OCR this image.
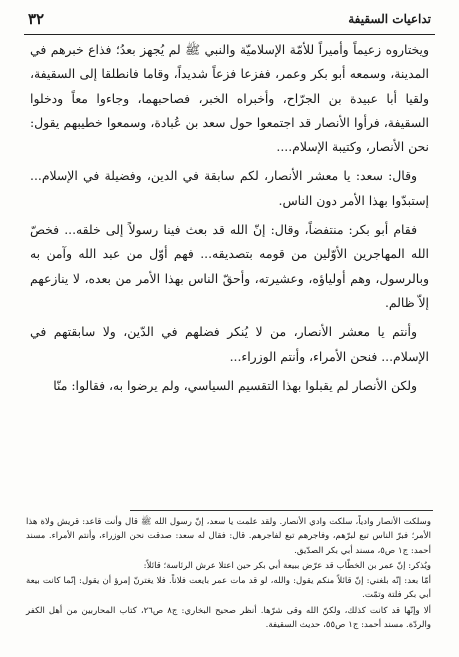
تداعيات السقيفة
٣٢

ويختاروه زعيماً وأميراً للأمّة الإسلاميّة والنبي ﷺ لم يُجهز بعدُ؛ فذاع خبرهم في المدينة، وسمعه أبو بكر وعمر، ففزعا فزعاً شديداً، وقاما فانطلقا إلى السقيفة، ولقيا أبا عبيدة بن الجرّاح، وأخبراه الخبر، فصاحبهما، وجاءوا معاً ودخلوا السقيفة، فرأوا الأنصار قد اجتمعوا حول سعد بن عُبادة، وسمعوا خطيبهم يقول: نحن الأنصار، وكتيبة الإسلام....

وقال: سعد: يا معشر الأنصار، لكم سابقة في الدين، وفضيلة في الإسلام... إستبدّوا بهذا الأمر دون الناس.

فقام أبو بكر: منتفضاً، وقال: إنّ الله قد بعث فينا رسولاً إلى خلقه... فخصّ الله المهاجرين الأوّلين من قومه بتصديقه... فهم أوّل من عبد الله وآمن به وبالرسول، وهم أولياؤه، وعشيرته، وأحقّ الناس بهذا الأمر من بعده، لا ينازعهم إلاّ ظالم.

وأنتم يا معشر الأنصار، من لا يُنكر فضلهم في الدّين، ولا سابقتهم في الإسلام... فنحن الأمراء، وأنتم الوزراء...

ولكن الأنصار لم يقبلوا بهذا التقسيم السياسي، ولم يرضوا به، فقالوا: منّا

وسلكت الأنصار وادياً، سلكت وادي الأنصار. ولقد علمت يا سعد، إنّ رسول الله ﷺ قال وأنت قاعد: قريش ولاة هذا الأمر؛ فبرّ الناس تبع لبرّهم، وفاجرهم تبع لفاجرهم. قال: فقال له سعد: صدقت نحن الوزراء، وأنتم الأمراء. مسند أحمد: ج١ ص٥، مسند أبي بكر الصدّيق.

ويُذكر: إنّ عمر بن الخطّاب قد عرّض ببيعة أبي بكر حين اعتلا عرش الرئاسة؛ قائلاً:

أمّا بعد: إنّه بلغني: إنّ قائلاً منكم يقول: والله، لو قد مات عمر بايعت فلاناً. فلا يغترنّ إمرؤ أن يقول: إنّما كانت بيعة أبي بكر فلتة وتمّت.

ألا وإنّها قد كانت كذلك، ولكنّ الله وقى شرّها. أنظر صحيح البخاري: ج٨ ص٢٦، كتاب المحاربين من أهل الكفر والردّة. مسند أحمد: ج١ ص٥٥، حديث السقيفة.
